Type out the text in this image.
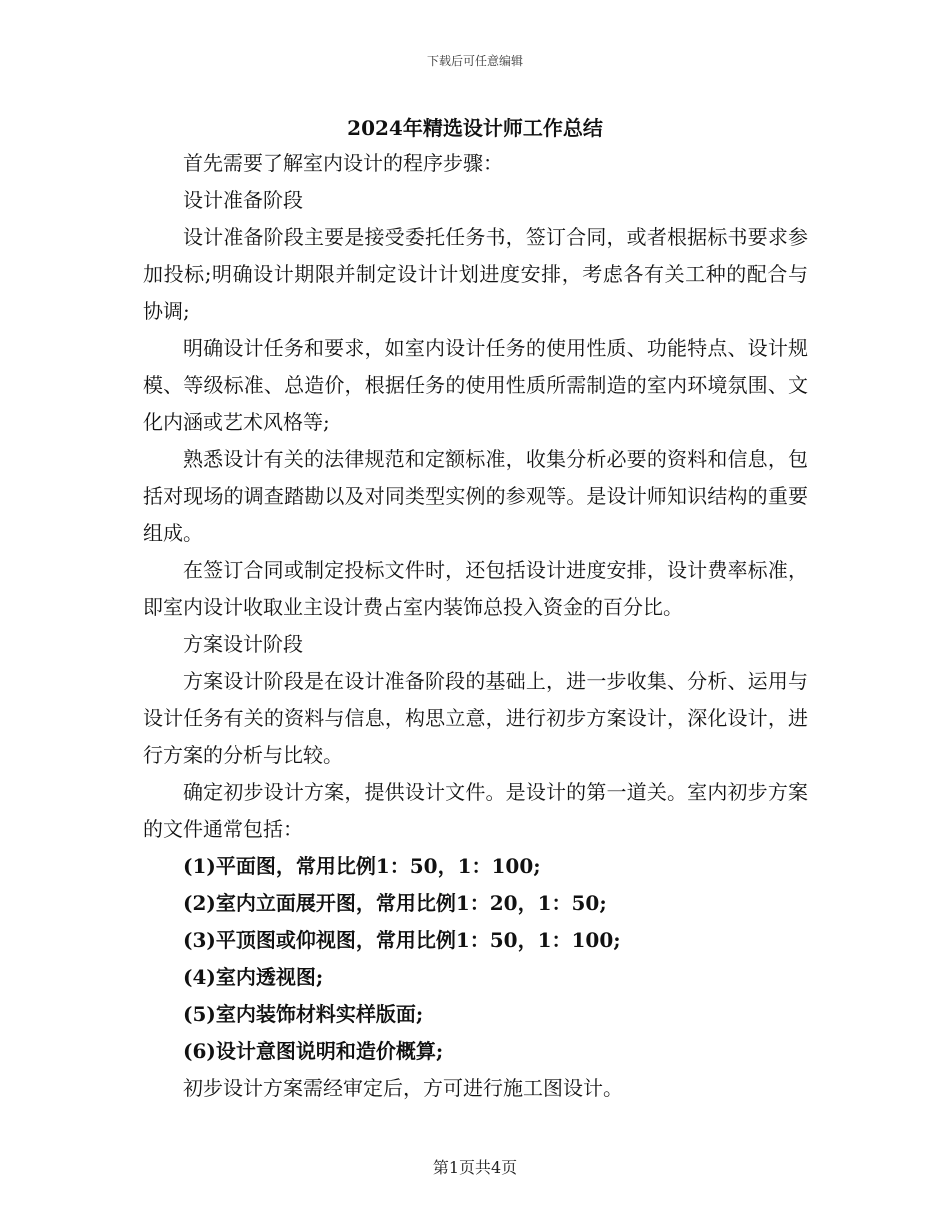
下载后可任意编辑
2024年精选设计师工作总结

首先需要了解室内设计的程序步骤：

设计准备阶段

设计准备阶段主要是接受委托任务书，签订合同，或者根据标书要求参加投标;明确设计期限并制定设计计划进度安排，考虑各有关工种的配合与协调;

明确设计任务和要求，如室内设计任务的使用性质、功能特点、设计规模、等级标准、总造价，根据任务的使用性质所需制造的室内环境氛围、文化内涵或艺术风格等;

熟悉设计有关的法律规范和定额标准，收集分析必要的资料和信息，包括对现场的调查踏勘以及对同类型实例的参观等。是设计师知识结构的重要组成。

在签订合同或制定投标文件时，还包括设计进度安排，设计费率标准，即室内设计收取业主设计费占室内装饰总投入资金的百分比。

方案设计阶段

方案设计阶段是在设计准备阶段的基础上，进一步收集、分析、运用与设计任务有关的资料与信息，构思立意，进行初步方案设计，深化设计，进行方案的分析与比较。

确定初步设计方案，提供设计文件。是设计的第一道关。室内初步方案的文件通常包括：

(1)平面图，常用比例1：50，1：100;

(2)室内立面展开图，常用比例1：20，1：50;

(3)平顶图或仰视图，常用比例1：50，1：100;

(4)室内透视图;

(5)室内装饰材料实样版面;

(6)设计意图说明和造价概算;

初步设计方案需经审定后，方可进行施工图设计。

第1页共4页
